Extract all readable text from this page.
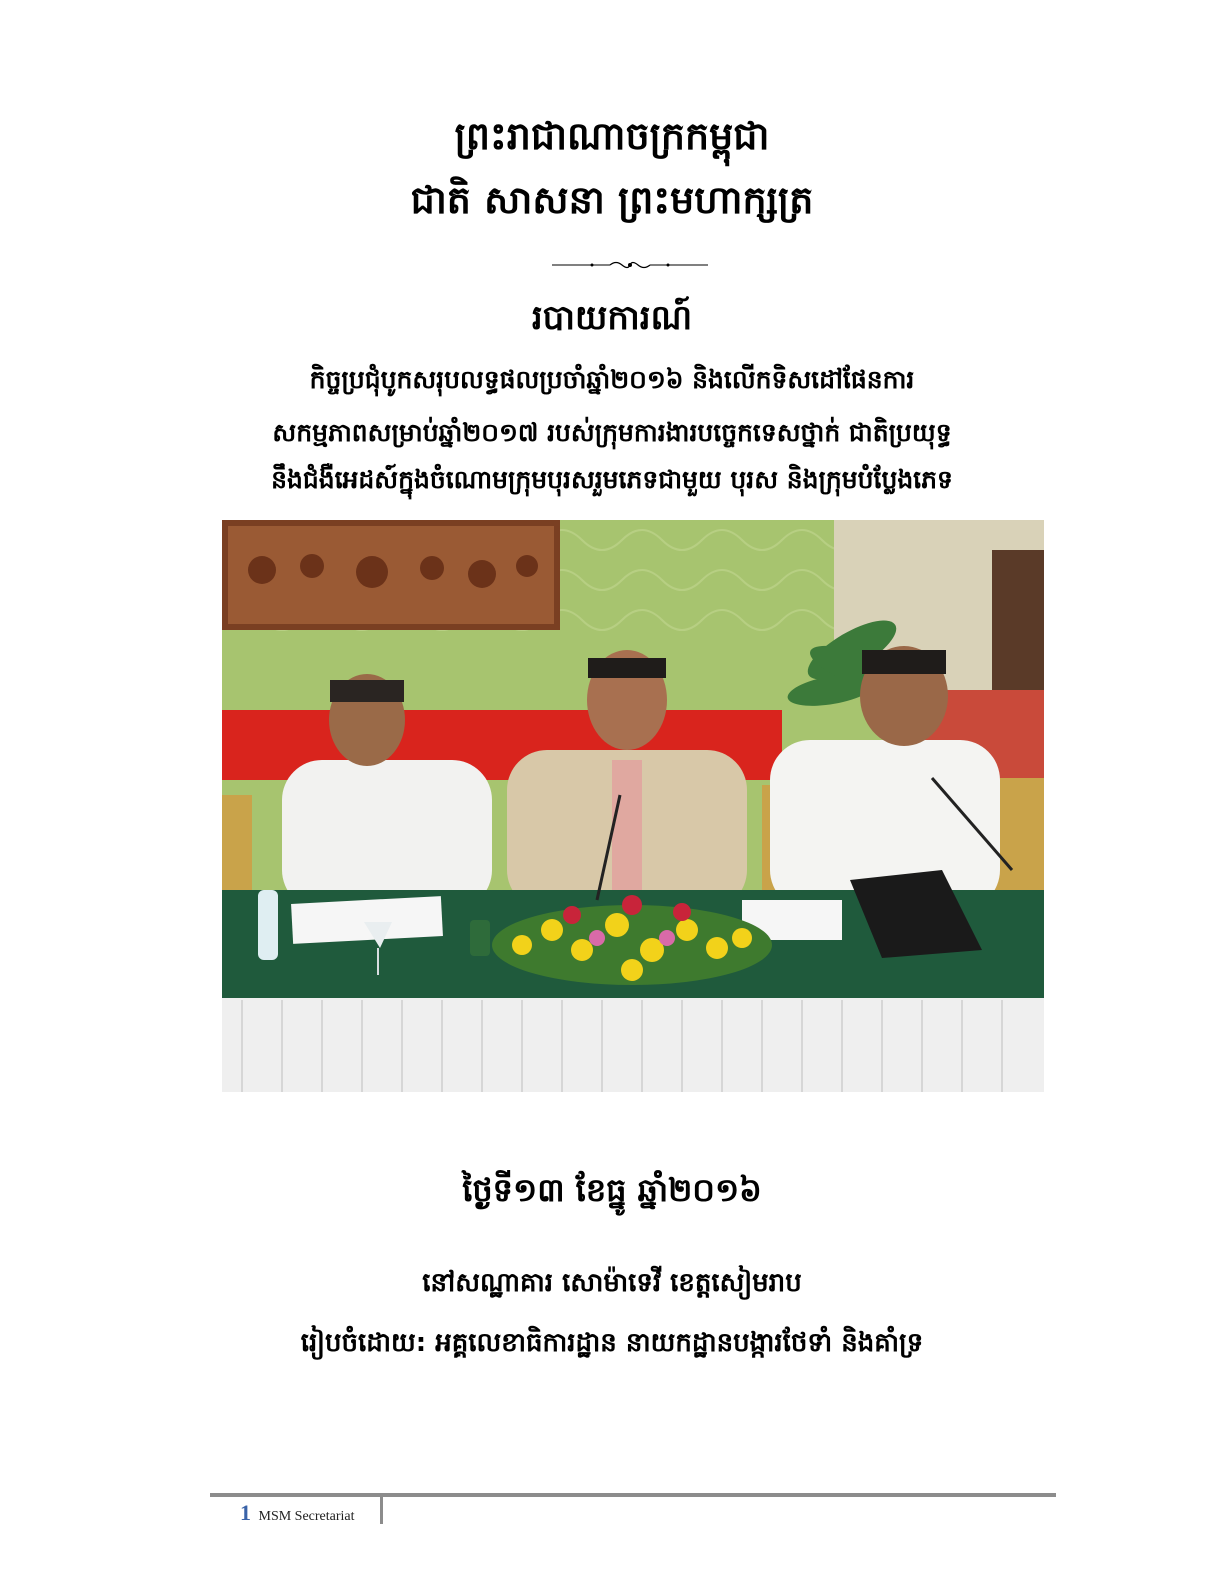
ព្រះរាជាណាចក្រកម្ពុជា
ជាតិ សាសនា ព្រះមហាក្សត្រ
របាយការណ៍
កិច្ចប្រជុំបូកសរុបលទ្ធផលប្រចាំឆ្នាំ២០១៦ និងលើកទិសដៅផែនការ
សកម្មភាពសម្រាប់ឆ្នាំ២០១៧ របស់ក្រុមការងារបច្ចេកទេសថ្នាក់ ជាតិប្រយុទ្ធ
នឹងជំងឺអេដស៍ក្នុងចំណោមក្រុមបុរសរួមភេទជាមួយ បុរស និងក្រុមបំប្លែងភេទ
ថ្ងៃទី១៣ ខែធ្នូ ឆ្នាំ២០១៦
នៅសណ្ឋាគារ សោម៉ាទេវី ខេត្តសៀមរាប
រៀបចំដោយ: អគ្គលេខាធិការដ្ឋាន នាយកដ្ឋានបង្ការថែទាំ និងគាំទ្រ
1 MSM Secretariat
